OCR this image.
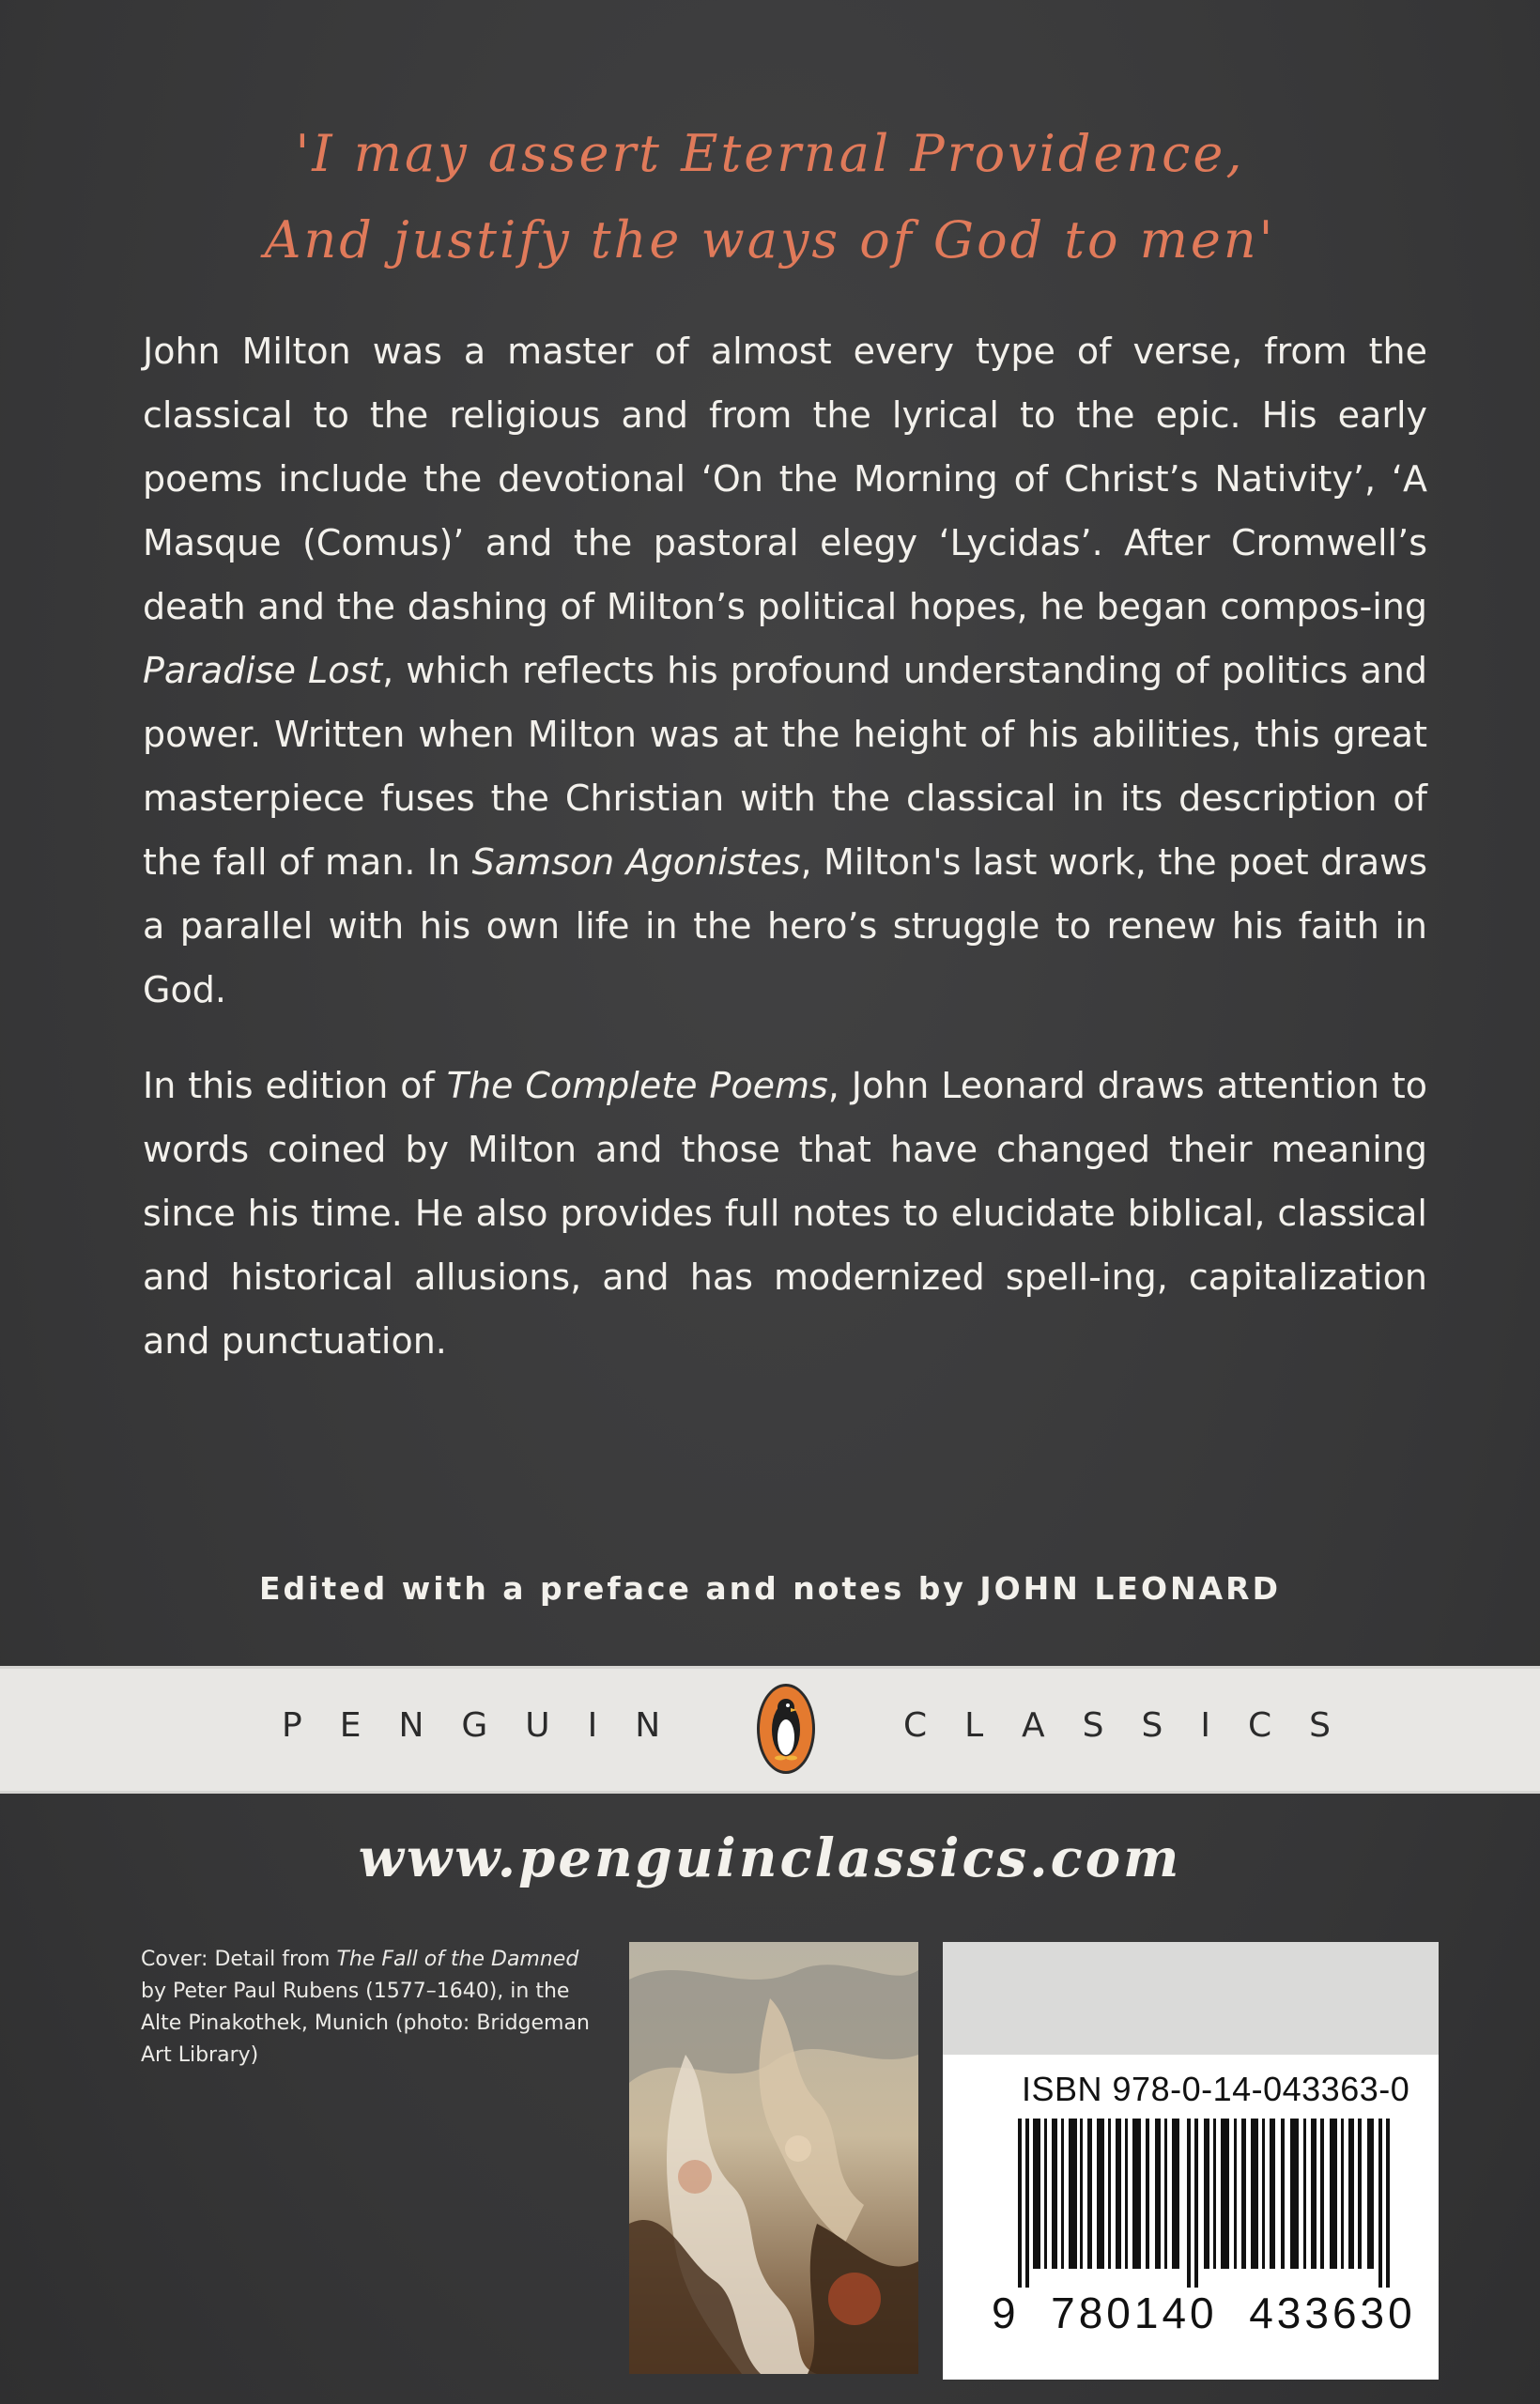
'I may assert Eternal Providence,
And justify the ways of God to men'
John Milton was a master of almost every type of verse, from the classical to the religious and from the lyrical to the epic. His early poems include the devotional ‘On the Morning of Christ’s Nativity’, ‘A Masque (Comus)’ and the pastoral elegy ‘Lycidas’. After Cromwell’s death and the dashing of Milton’s political hopes, he began compos-ing Paradise Lost, which reflects his profound understanding of politics and power. Written when Milton was at the height of his abilities, this great masterpiece fuses the Christian with the classical in its description of the fall of man. In Samson Agonistes, Milton's last work, the poet draws a parallel with his own life in the hero’s struggle to renew his faith in God.
In this edition of The Complete Poems, John Leonard draws attention to words coined by Milton and those that have changed their meaning since his time. He also provides full notes to elucidate biblical, classical and historical allusions, and has modernized spell-ing, capitalization and punctuation.
Edited with a preface and notes by JOHN LEONARD
PENGUIN	CLASSICS
www.penguinclassics.com
Cover: Detail from The Fall of the Damned by Peter Paul Rubens (1577–1640), in the Alte Pinakothek, Munich (photo: Bridgeman Art Library)
ISBN 978-0-14-043363-0
9  780140  433630
